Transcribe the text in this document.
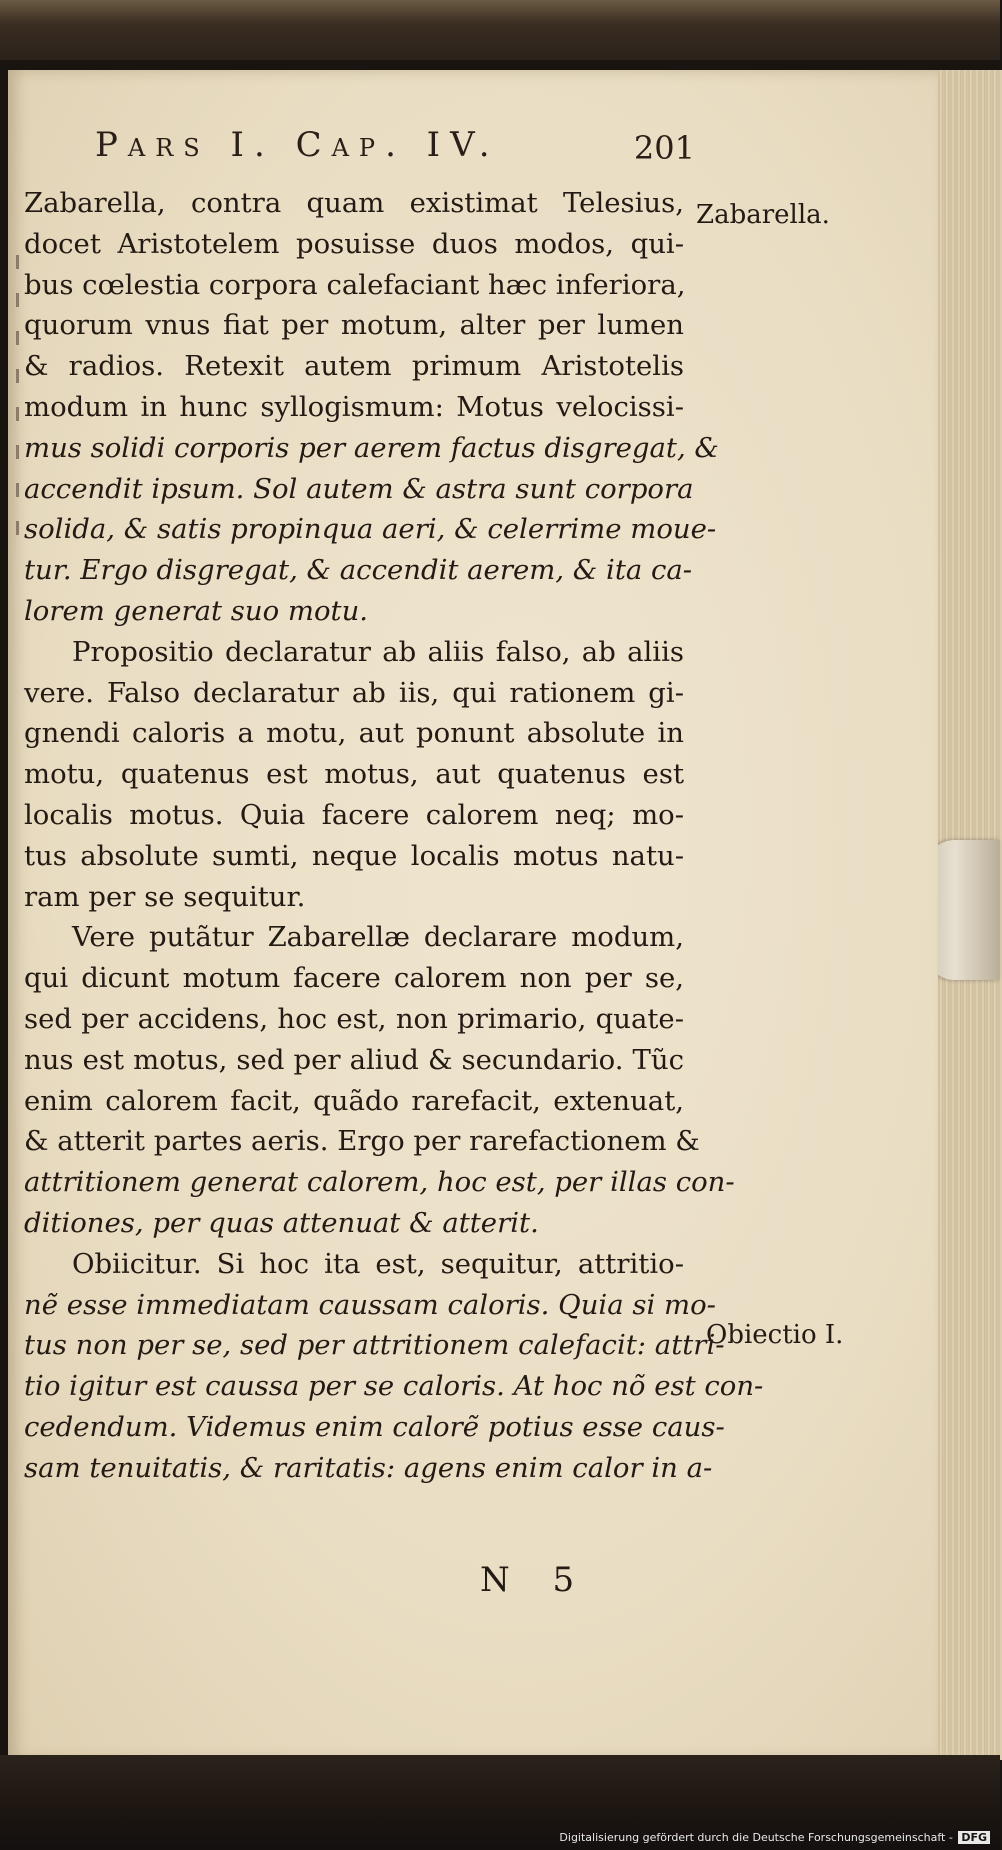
Pars I. Cap. IV.	201
Zabarella, contra quam existimat Telesius,
docet Aristotelem posuisse duos modos, qui-
bus cœlestia corpora calefaciant hæc inferiora,
quorum vnus fiat per motum, alter per lumen
& radios. Retexit autem primum Aristotelis
modum in hunc syllogismum: Motus velocissi-
mus solidi corporis per aerem factus disgregat, &
accendit ipsum. Sol autem & astra sunt corpora
solida, & satis propinqua aeri, & celerrime moue-
tur. Ergo disgregat, & accendit aerem, & ita ca-
lorem generat suo motu.
Propositio declaratur ab aliis falso, ab aliis
vere. Falso declaratur ab iis, qui rationem gi-
gnendi caloris a motu, aut ponunt absolute in
motu, quatenus est motus, aut quatenus est
localis motus. Quia facere calorem neq; mo-
tus absolute sumti, neque localis motus natu-
ram per se sequitur.
Vere putãtur Zabarellæ declarare modum,
qui dicunt motum facere calorem non per se,
sed per accidens, hoc est, non primario, quate-
nus est motus, sed per aliud & secundario. Tũc
enim calorem facit, quãdo rarefacit, extenuat,
& atterit partes aeris. Ergo per rarefactionem &
attritionem generat calorem, hoc est, per illas con-
ditiones, per quas attenuat & atterit.
Obiicitur. Si hoc ita est, sequitur, attritio-
nẽ esse immediatam caussam caloris. Quia si mo-
tus non per se, sed per attritionem calefacit: attri-
tio igitur est caussa per se caloris. At hoc nõ est con-
cedendum. Videmus enim calorẽ potius esse caus-
sam tenuitatis, & raritatis: agens enim calor in a-
Zabarella.
Obiectio I.
N 5
Digitalisierung gefördert durch die Deutsche Forschungsgemeinschaft - DFG
